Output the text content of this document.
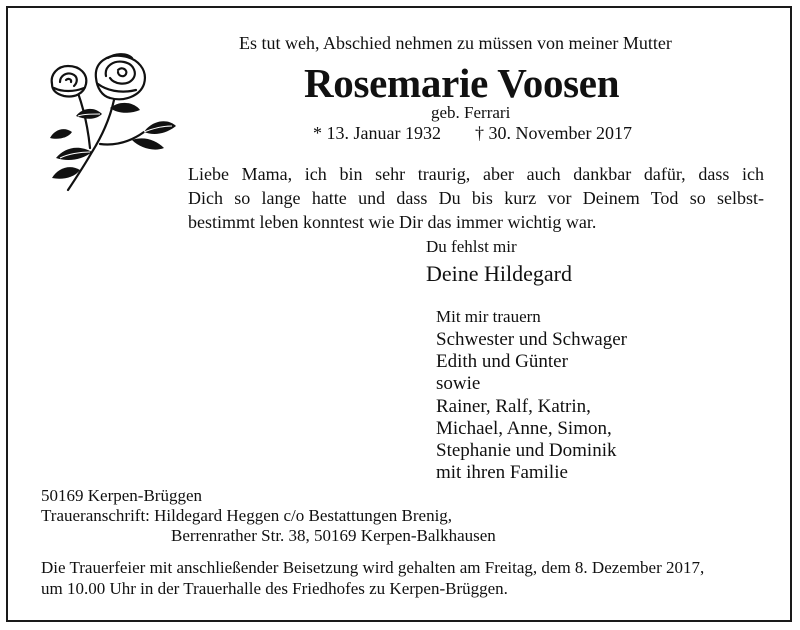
Es tut weh, Abschied nehmen zu müssen von meiner Mutter
Rosemarie Voosen
geb. Ferrari
* 13. Januar 1932 † 30. November 2017
Liebe Mama, ich bin sehr traurig, aber auch dankbar dafür, dass ich
Dich so lange hatte und dass Du bis kurz vor Deinem Tod so selbst-
bestimmt leben konntest wie Dir das immer wichtig war.
Du fehlst mir
Deine Hildegard
Mit mir trauern
Schwester und Schwager
Edith und Günter
sowie
Rainer, Ralf, Katrin,
Michael, Anne, Simon,
Stephanie und Dominik
mit ihren Familie
50169 Kerpen-Brüggen
Traueranschrift: Hildegard Heggen c/o Bestattungen Brenig,
Berrenrather Str. 38, 50169 Kerpen-Balkhausen
Die Trauerfeier mit anschließender Beisetzung wird gehalten am Freitag, dem 8. Dezember 2017,
um 10.00 Uhr in der Trauerhalle des Friedhofes zu Kerpen-Brüggen.
